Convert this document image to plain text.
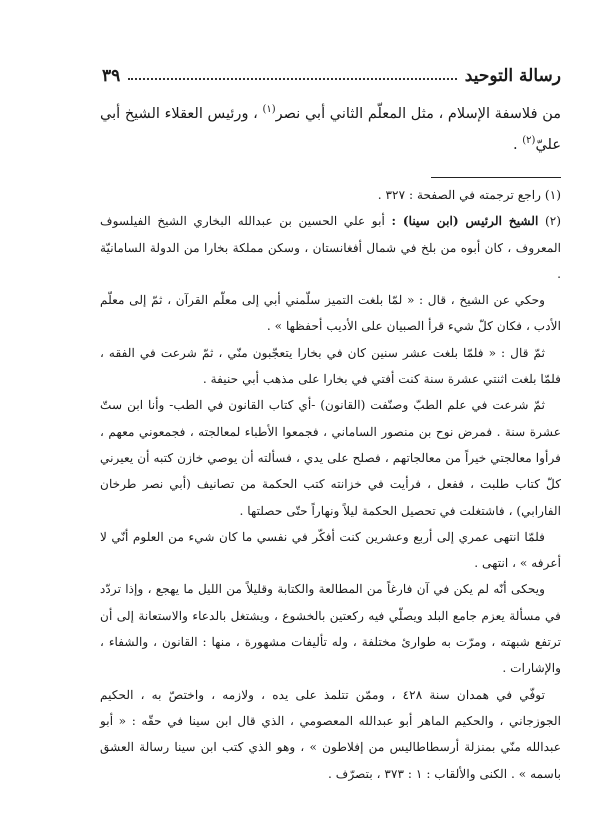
رسالة التوحيد
٣٩
من فلاسفة الإسلام ، مثل المعلّم الثاني أبي نصر$^{(١)}$ ، ورئيس العقلاء الشيخ أبي عليّ$^{(٢)}$ .

(١) راجع ترجمته في الصفحة : ٣٢٧ .

(٢) الشيخ الرئيس (ابن سينا) : أبو علي الحسين بن عبدالله البخاري الشيخ الفيلسوف المعروف ، كان أبوه من بلخ في شمال أفغانستان ، وسكن مملكة بخارا من الدولة السامانيّة .

وحكي عن الشيخ ، قال : « لمّا بلغت التميز سلّمني أبي إلى معلّم القرآن ، ثمّ إلى معلّم الأدب ، فكان كلّ شيء قرأ الصبيان على الأديب أحفظها » .

ثمّ قال : « فلمّا بلغت عشر سنين كان في بخارا يتعجّبون منّي ، ثمّ شرعت في الفقه ، فلمّا بلغت اثنتي عشرة سنة كنت أفتي في بخارا على مذهب أبي حنيفة .

ثمّ شرعت في علم الطبّ وصنّفت (القانون) -أي كتاب القانون في الطب- وأنا ابن ستّ عشرة سنة . فمرض نوح بن منصور الساماني ، فجمعوا الأطباء لمعالجته ، فجمعوني معهم ، فرأوا معالجتي خيراً من معالجاتهم ، فصلح على يدي ، فسألته أن يوصي خازن كتبه أن يعيرني كلّ كتاب طلبت ، ففعل ، فرأيت في خزانته كتب الحكمة من تصانيف (أبي نصر طرخان الفارابي) ، فاشتغلت في تحصيل الحكمة ليلاً ونهاراً حتّى حصلتها .

فلمّا انتهى عمري إلى أربع وعشرين كنت أفكّر في نفسي ما كان شيء من العلوم أنّي لا أعرفه » ، انتهى .

ويحكى أنّه لم يكن في آن فارغاً من المطالعة والكتابة وقليلاً من الليل ما يهجع ، وإذا تردّد في مسألة يعزم جامع البلد ويصلّي فيه ركعتين بالخشوع ، ويشتغل بالدعاء والاستعانة إلى أن ترتفع شبهته ، ومرّت به طوارئ مختلفة ، وله تأليفات مشهورة ، منها : القانون ، والشفاء ، والإشارات .

توفّي في همدان سنة ٤٢٨ ، وممّن تتلمذ على يده ، ولازمه ، واختصّ به ، الحكيم الجوزجاني ، والحكيم الماهر أبو عبدالله المعصومي ، الذي قال ابن سينا في حقّه : « أبو عبدالله منّي بمنزلة أرسطاطاليس من إفلاطون » ، وهو الذي كتب ابن سينا رسالة العشق باسمه » . الكنى والألقاب : ١ : ٣٧٣ ، بتصرّف .
